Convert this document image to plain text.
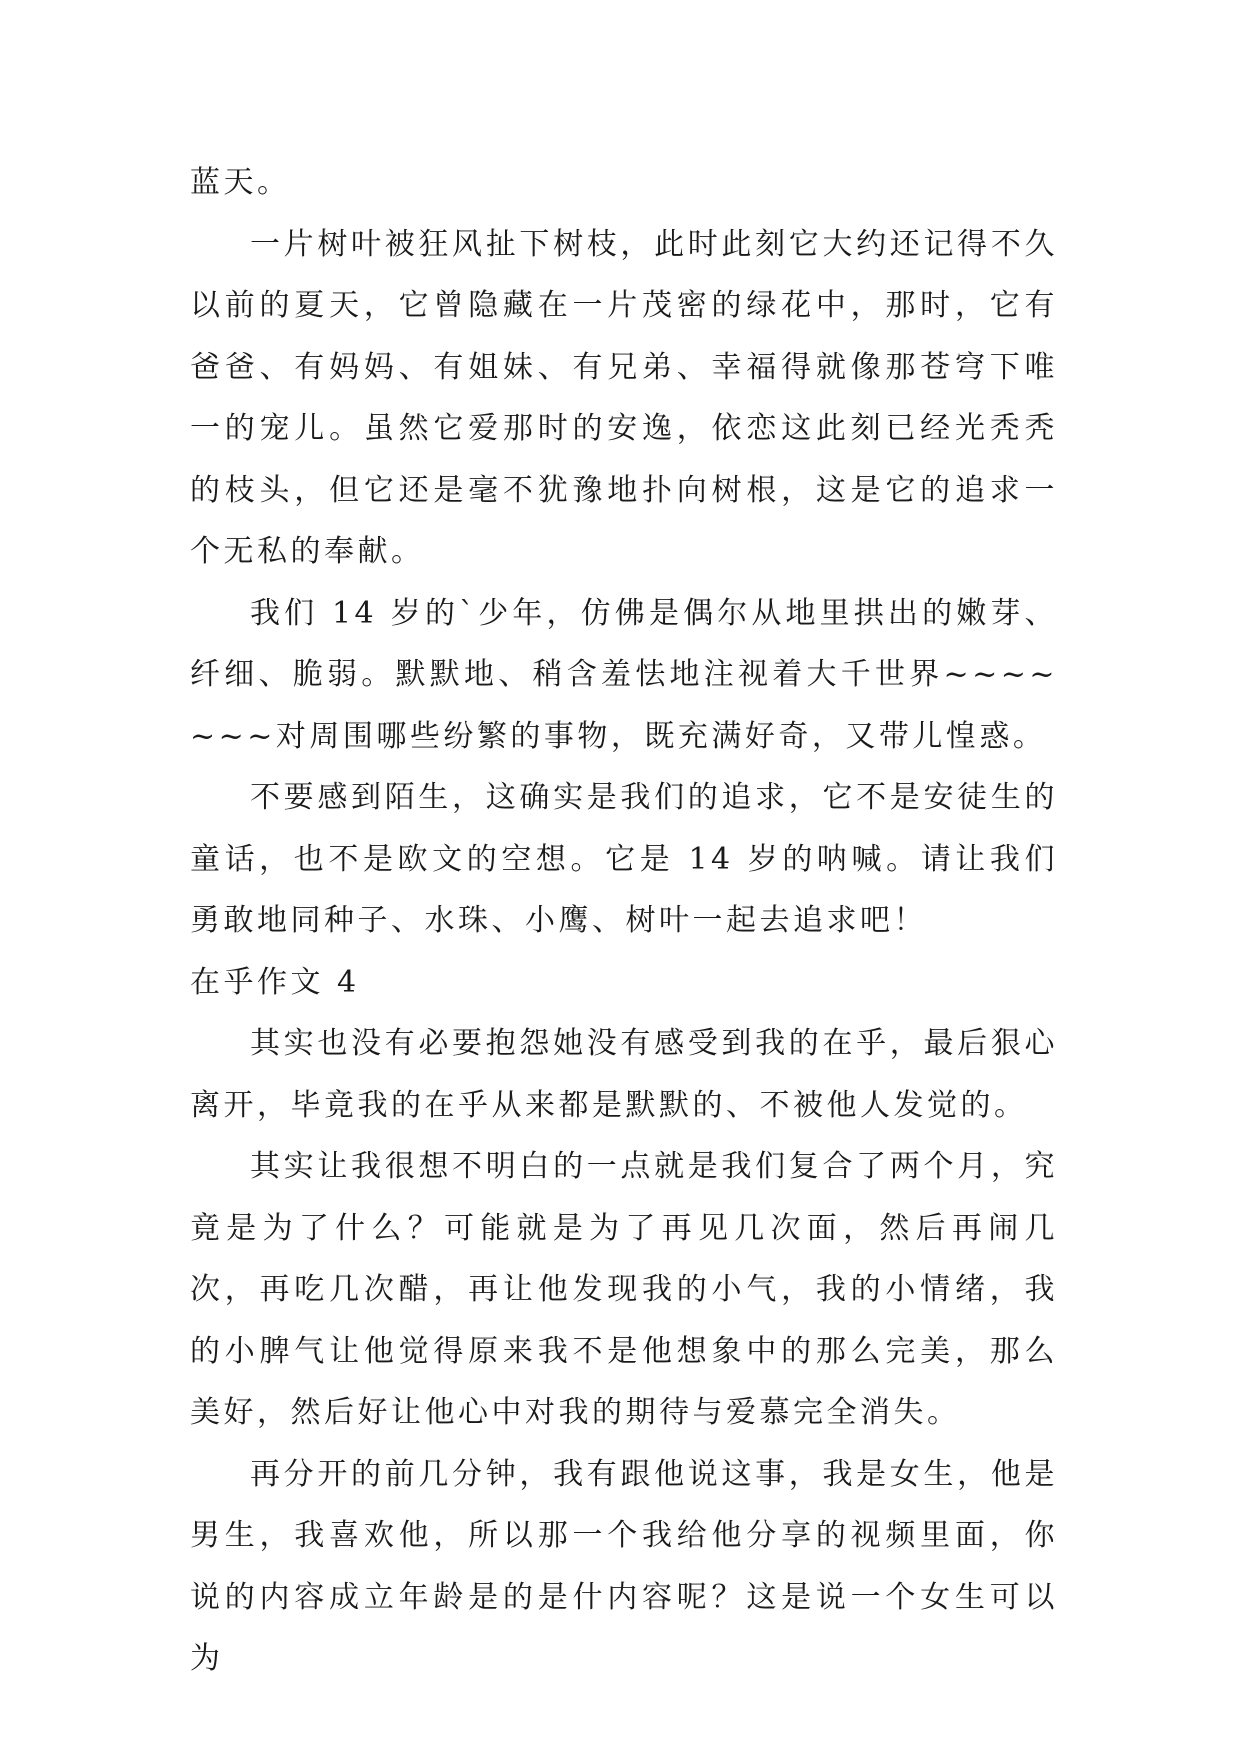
蓝天。

一片树叶被狂风扯下树枝，此时此刻它大约还记得不久以前的夏天，它曾隐藏在一片茂密的绿花中，那时，它有爸爸、有妈妈、有姐妹、有兄弟、幸福得就像那苍穹下唯一的宠儿。虽然它爱那时的安逸，依恋这此刻已经光秃秃的枝头，但它还是毫不犹豫地扑向树根，这是它的追求一个无私的奉献。

我们 14 岁的`少年，仿佛是偶尔从地里拱出的嫩芽、纤细、脆弱。默默地、稍含羞怯地注视着大千世界~~~~~~~对周围哪些纷繁的事物，既充满好奇，又带儿惶惑。

不要感到陌生，这确实是我们的追求，它不是安徒生的童话，也不是欧文的空想。它是 14 岁的呐喊。请让我们勇敢地同种子、水珠、小鹰、树叶一起去追求吧！

在乎作文 4

其实也没有必要抱怨她没有感受到我的在乎，最后狠心离开，毕竟我的在乎从来都是默默的、不被他人发觉的。

其实让我很想不明白的一点就是我们复合了两个月，究竟是为了什么？可能就是为了再见几次面，然后再闹几次，再吃几次醋，再让他发现我的小气，我的小情绪，我的小脾气让他觉得原来我不是他想象中的那么完美，那么美好，然后好让他心中对我的期待与爱慕完全消失。

再分开的前几分钟，我有跟他说这事，我是女生，他是男生，我喜欢他，所以那一个我给他分享的视频里面，你说的内容成立年龄是的是什内容呢？这是说一个女生可以为
